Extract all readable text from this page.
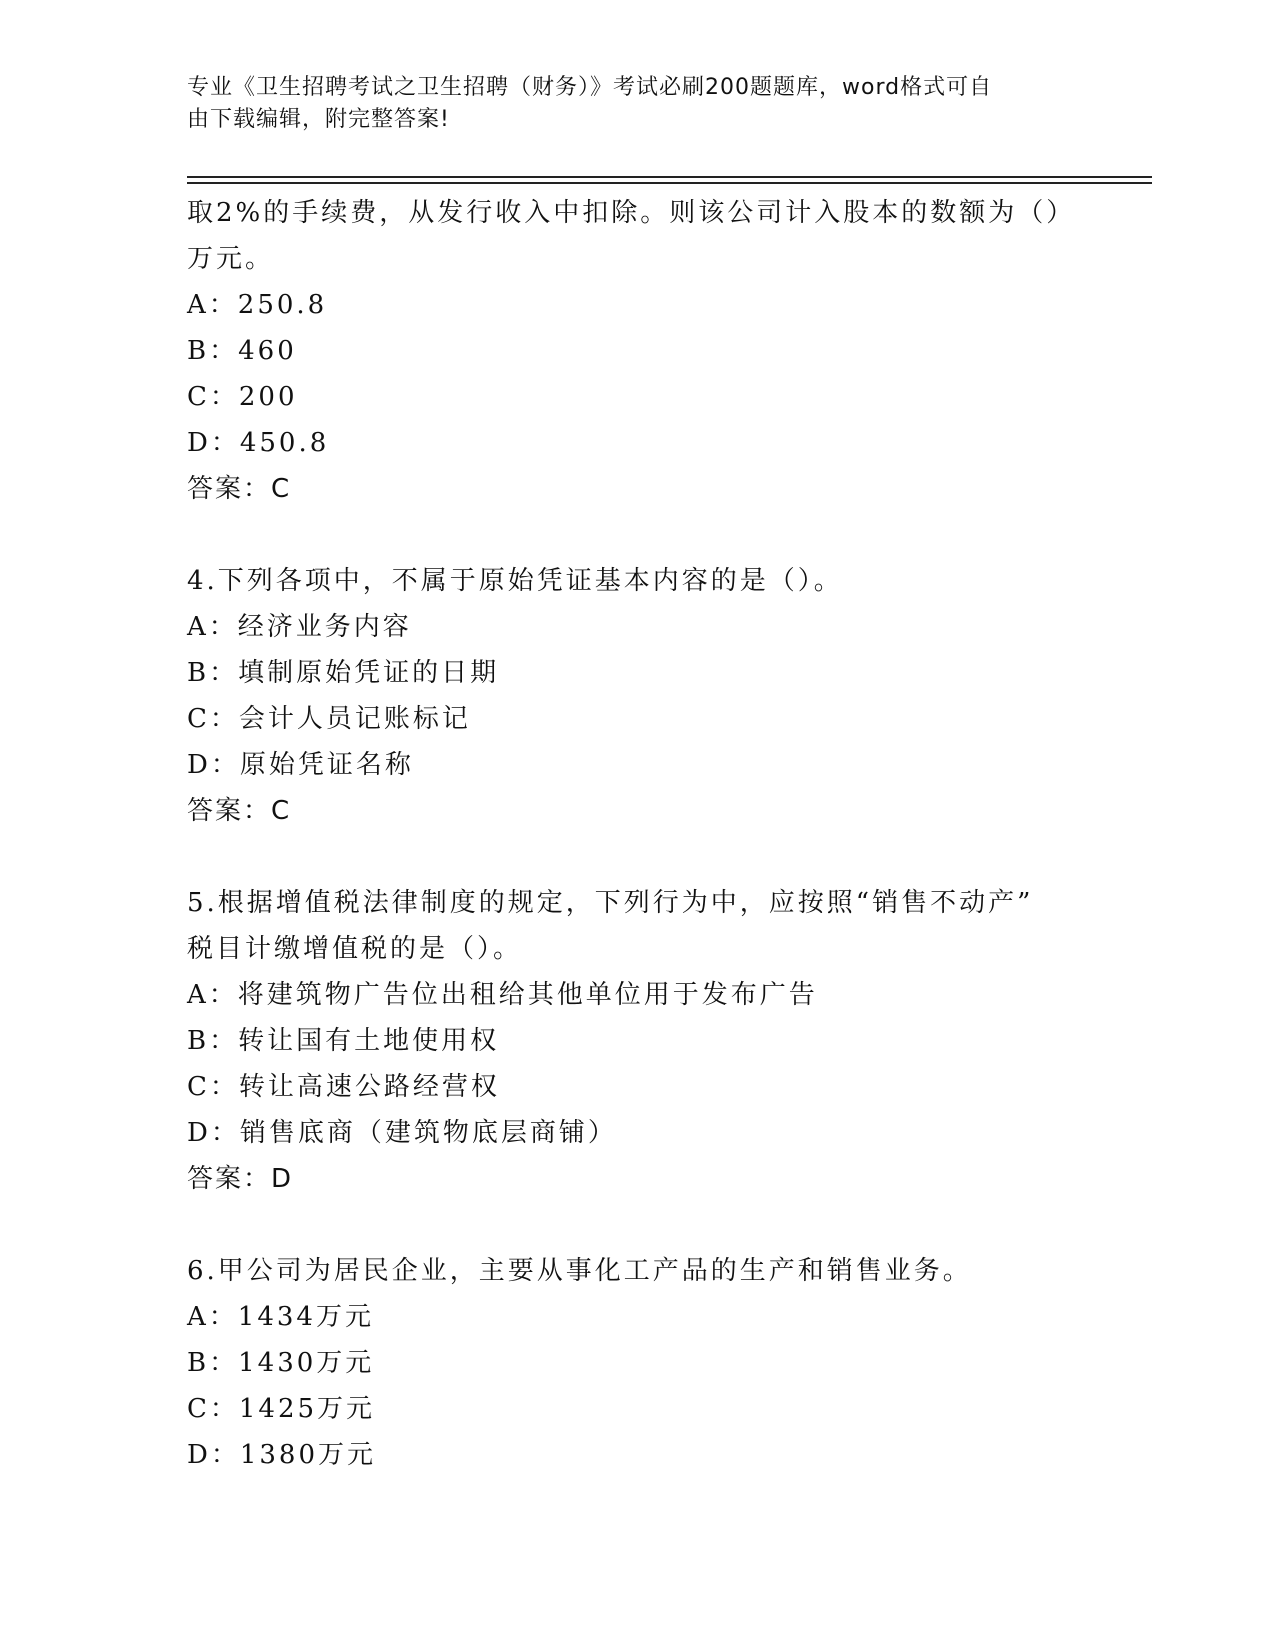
专业《卫生招聘考试之卫生招聘（财务）》考试必刷200题题库，word格式可自
由下载编辑，附完整答案!
取2%的手续费，从发行收入中扣除。则该公司计入股本的数额为（）
万元。
A：250.8
B：460
C：200
D：450.8
答案：C
4.下列各项中，不属于原始凭证基本内容的是（）。
A：经济业务内容
B：填制原始凭证的日期
C：会计人员记账标记
D：原始凭证名称
答案：C
5.根据增值税法律制度的规定，下列行为中，应按照“销售不动产”
税目计缴增值税的是（）。
A：将建筑物广告位出租给其他单位用于发布广告
B：转让国有土地使用权
C：转让高速公路经营权
D：销售底商（建筑物底层商铺）
答案：D
6.甲公司为居民企业，主要从事化工产品的生产和销售业务。
A：1434万元
B：1430万元
C：1425万元
D：1380万元
